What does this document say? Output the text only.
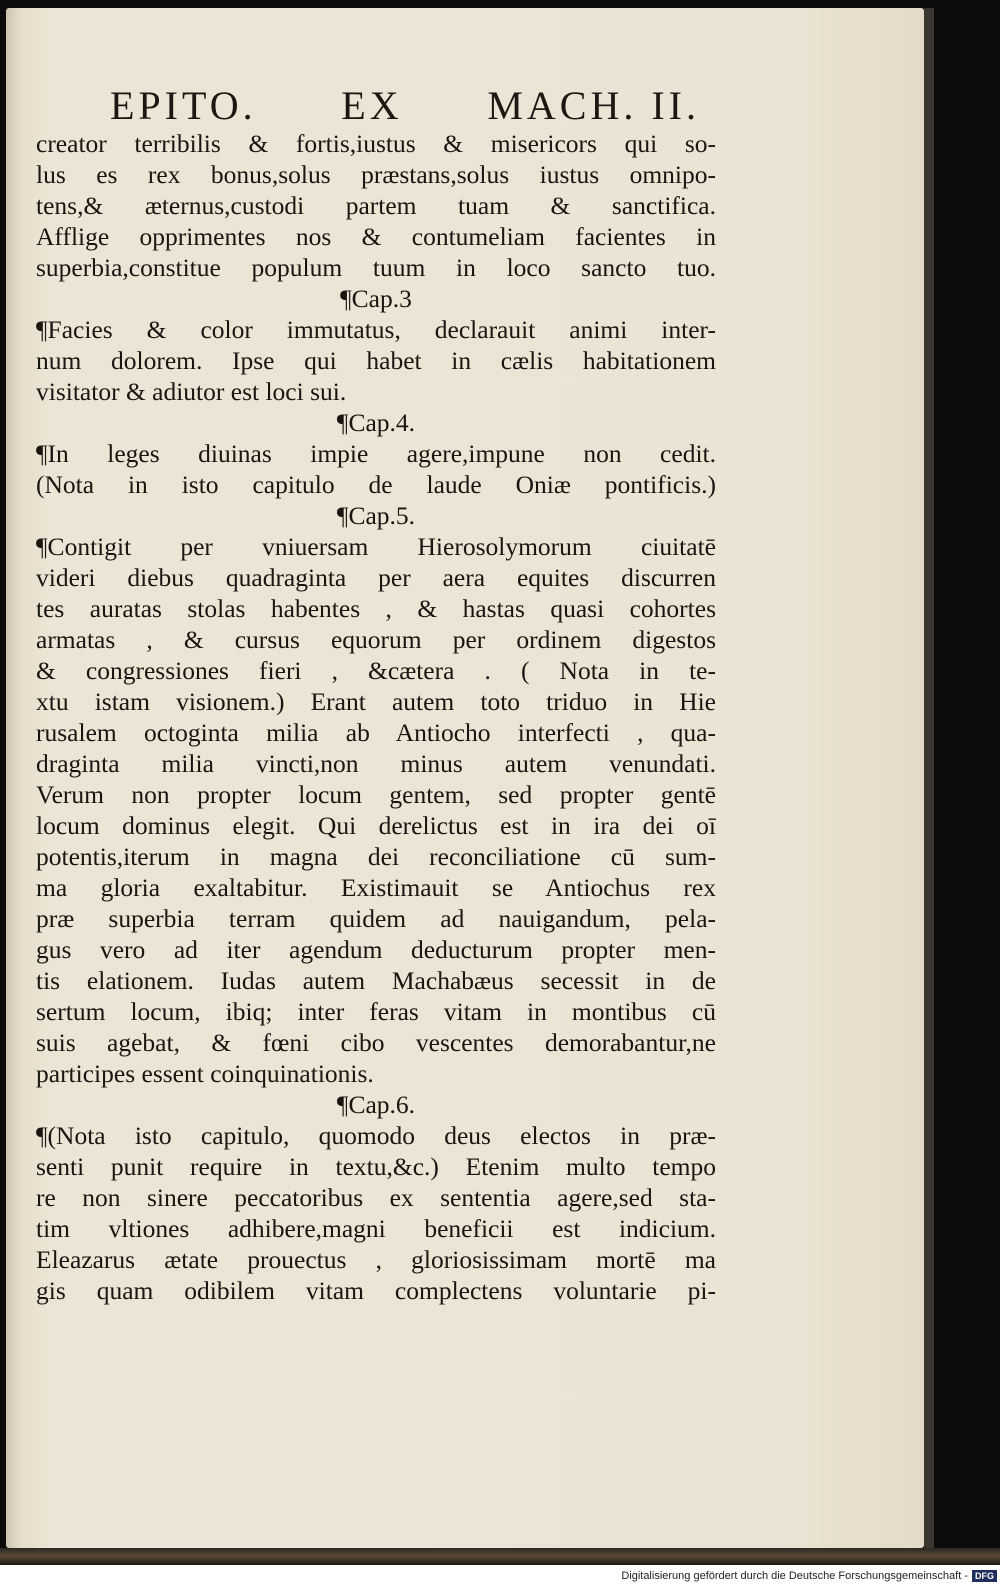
EPITO. EX MACH. II.
creator terribilis & fortis,iustus & misericors qui so-
lus es rex bonus,solus præstans,solus iustus omnipo-
tens,& æternus,custodi partem tuam & sanctifica.
Afflige opprimentes nos & contumeliam facientes in
superbia,constitue populum tuum in loco sancto tuo.
¶Cap.3
¶Facies & color immutatus, declarauit animi inter-
num dolorem. Ipse qui habet in cælis habitationem
visitator & adiutor est loci sui.
¶Cap.4.
¶In leges diuinas impie agere,impune non cedit.
(Nota in isto capitulo de laude Oniæ pontificis.)
¶Cap.5.
¶Contigit per vniuersam Hierosolymorum ciuitatē
videri diebus quadraginta per aera equites discurren
tes auratas stolas habentes , & hastas quasi cohortes
armatas , & cursus equorum per ordinem digestos
& congressiones fieri , &cætera . ( Nota in te-
xtu istam visionem.) Erant autem toto triduo in Hie
rusalem octoginta milia ab Antiocho interfecti , qua-
draginta milia vincti,non minus autem venundati.
Verum non propter locum gentem, sed propter gentē
locum dominus elegit. Qui derelictus est in ira dei oī
potentis,iterum in magna dei reconciliatione cū sum-
ma gloria exaltabitur. Existimauit se Antiochus rex
præ superbia terram quidem ad nauigandum, pela-
gus vero ad iter agendum deducturum propter men-
tis elationem. Iudas autem Machabæus secessit in de
sertum locum, ibiq; inter feras vitam in montibus cū
suis agebat, & fœni cibo vescentes demorabantur,ne
participes essent coinquinationis.
¶Cap.6.
¶(Nota isto capitulo, quomodo deus electos in præ-
senti punit require in textu,&c.) Etenim multo tempo
re non sinere peccatoribus ex sententia agere,sed sta-
tim vltiones adhibere,magni beneficii est indicium.
Eleazarus ætate prouectus , gloriosissimam mortē ma
gis quam odibilem vitam complectens voluntarie pi-
Digitalisierung gefördert durch die Deutsche Forschungsgemeinschaft - DFG
